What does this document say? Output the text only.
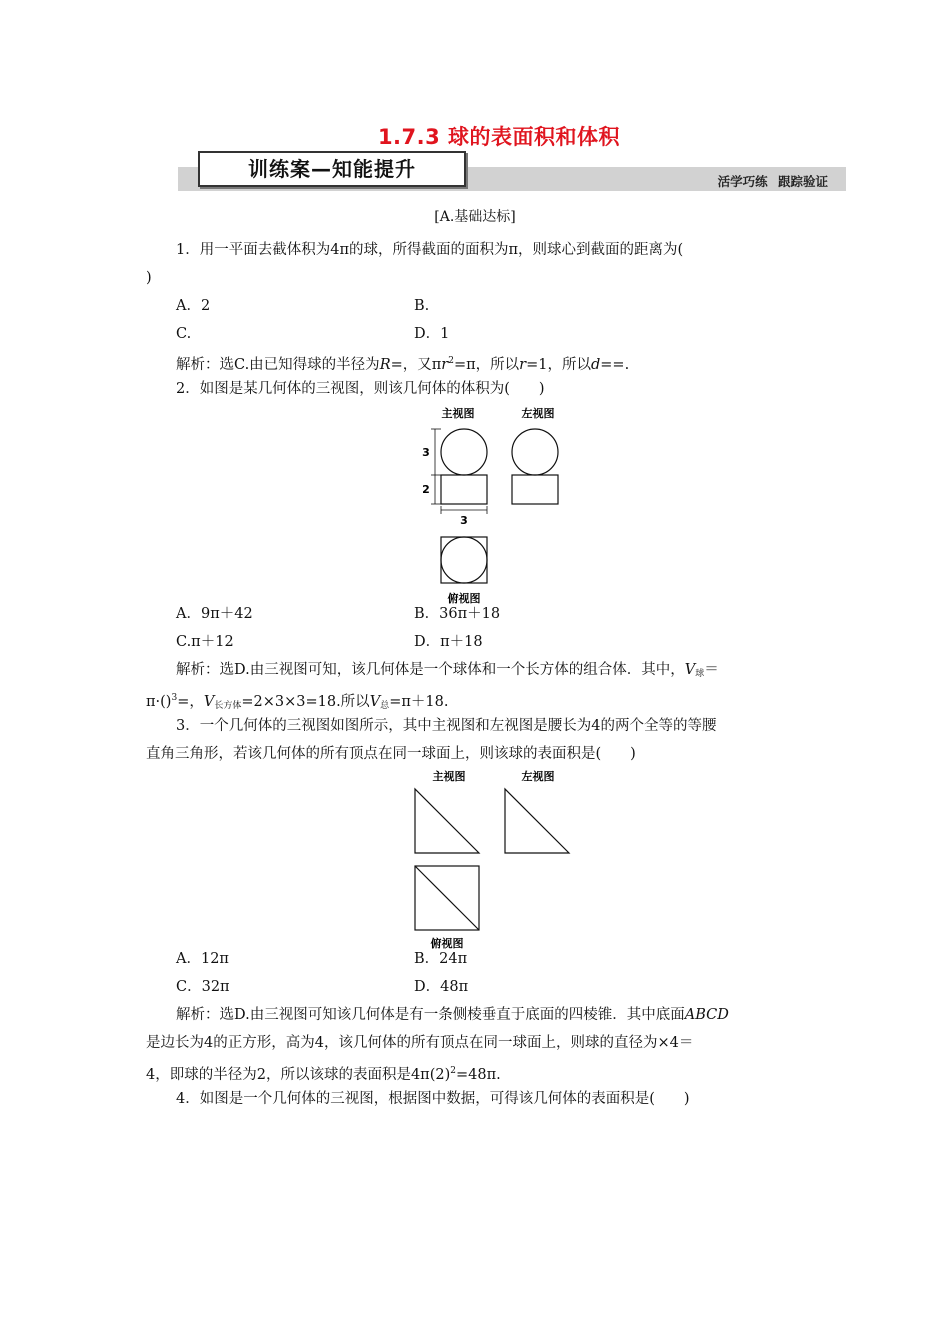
1.7.3 球的表面积和体积
训练案—知能提升
活学巧练 跟踪验证
[A.基础达标]
1．用一平面去截体积为4π的球，所得截面的面积为π，则球心到截面的距离为(
)
A．2	B.
C.	D．1
解析：选C.由已知得球的半径为R=，又$\pi r^2=\pi$，所以r=1，所以d==.
2．如图是某几何体的三视图，则该几何体的体积为(　　)
主视图	左视图
3
2
3
俯视图
A．9π＋42	B．36π＋18
C.π＋12	D．π＋18
解析：选D.由三视图可知，该几何体是一个球体和一个长方体的组合体．其中，$V_球=$
π·()$^3$=，$V_{长方体}=2\times 3\times 3=18$.所以$V_总=\pi+18$.
3．一个几何体的三视图如图所示，其中主视图和左视图是腰长为4的两个全等的等腰
直角三角形，若该几何体的所有顶点在同一球面上，则该球的表面积是(　　)
主视图	左视图
俯视图
A．12π	B．24π
C．32π	D．48π
解析：选D.由三视图可知该几何体是有一条侧棱垂直于底面的四棱锥．其中底面ABCD
是边长为4的正方形，高为4，该几何体的所有顶点在同一球面上，则球的直径为×4＝
4，即球的半径为2，所以该球的表面积是$4\pi(2)^2=48\pi$.
4．如图是一个几何体的三视图，根据图中数据，可得该几何体的表面积是(　　)
